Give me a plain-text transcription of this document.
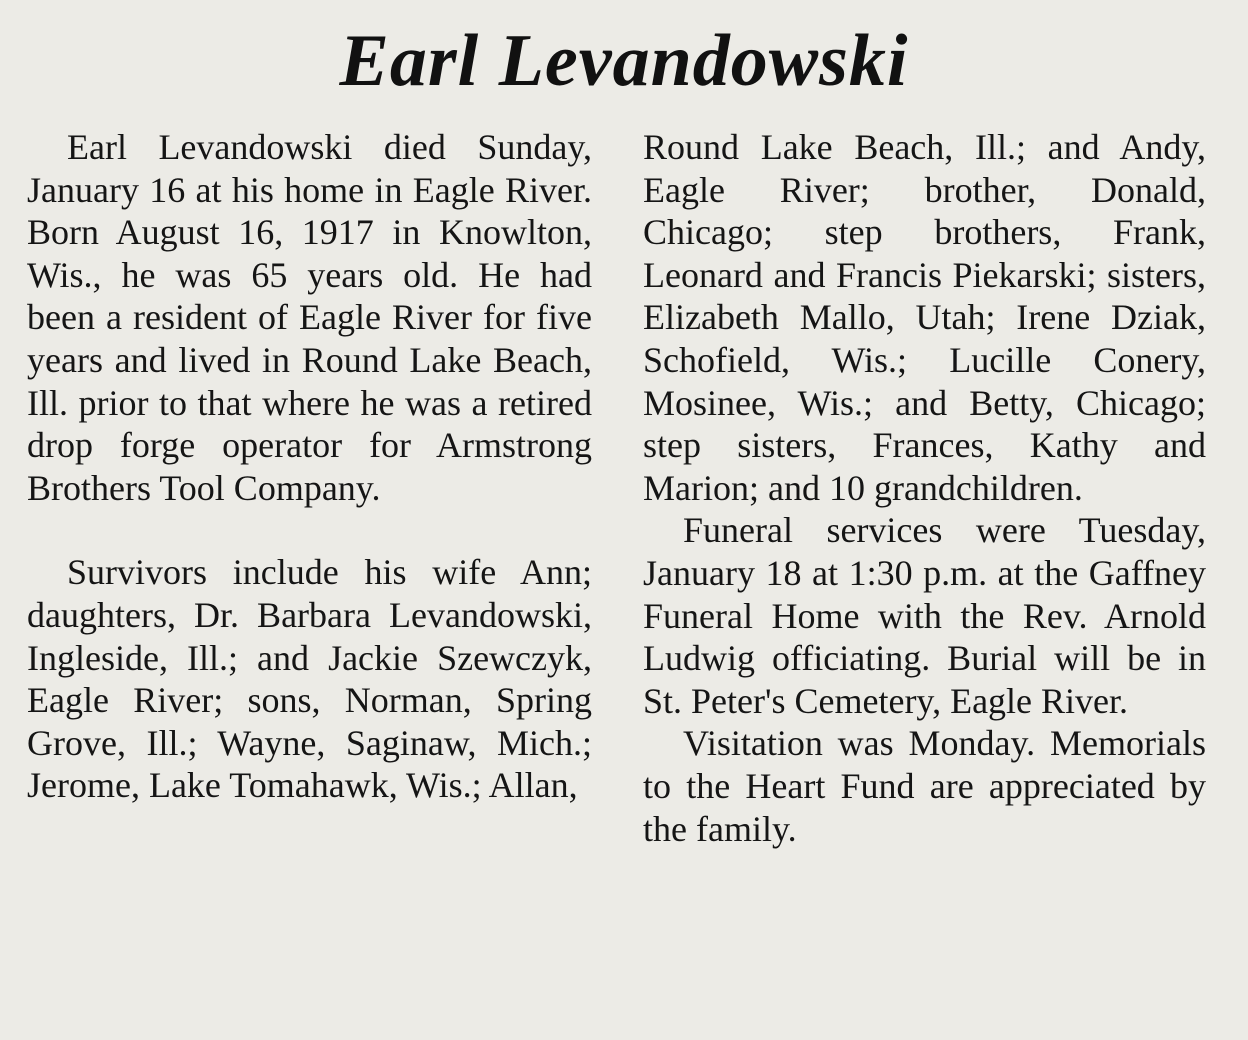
Earl Levandowski

Earl Levandowski died Sunday, January 16 at his home in Eagle River. Born August 16, 1917 in Knowlton, Wis., he was 65 years old. He had been a resident of Eagle River for five years and lived in Round Lake Beach, Ill. prior to that where he was a retired drop forge operator for Armstrong Brothers Tool Company.

Survivors include his wife Ann; daughters, Dr. Barbara Levandowski, Ingleside, Ill.; and Jackie Szewczyk, Eagle River; sons, Norman, Spring Grove, Ill.; Wayne, Saginaw, Mich.; Jerome, Lake Tomahawk, Wis.; Allan,

Round Lake Beach, Ill.; and Andy, Eagle River; brother, Donald, Chicago; step brothers, Frank, Leonard and Francis Piekarski; sisters, Elizabeth Mallo, Utah; Irene Dziak, Schofield, Wis.; Lucille Conery, Mosinee, Wis.; and Betty, Chicago; step sisters, Frances, Kathy and Marion; and 10 grandchildren.

Funeral services were Tuesday, January 18 at 1:30 p.m. at the Gaffney Funeral Home with the Rev. Arnold Ludwig officiating. Burial will be in St. Peter's Cemetery, Eagle River.

Visitation was Monday. Memorials to the Heart Fund are appreciated by the family.
